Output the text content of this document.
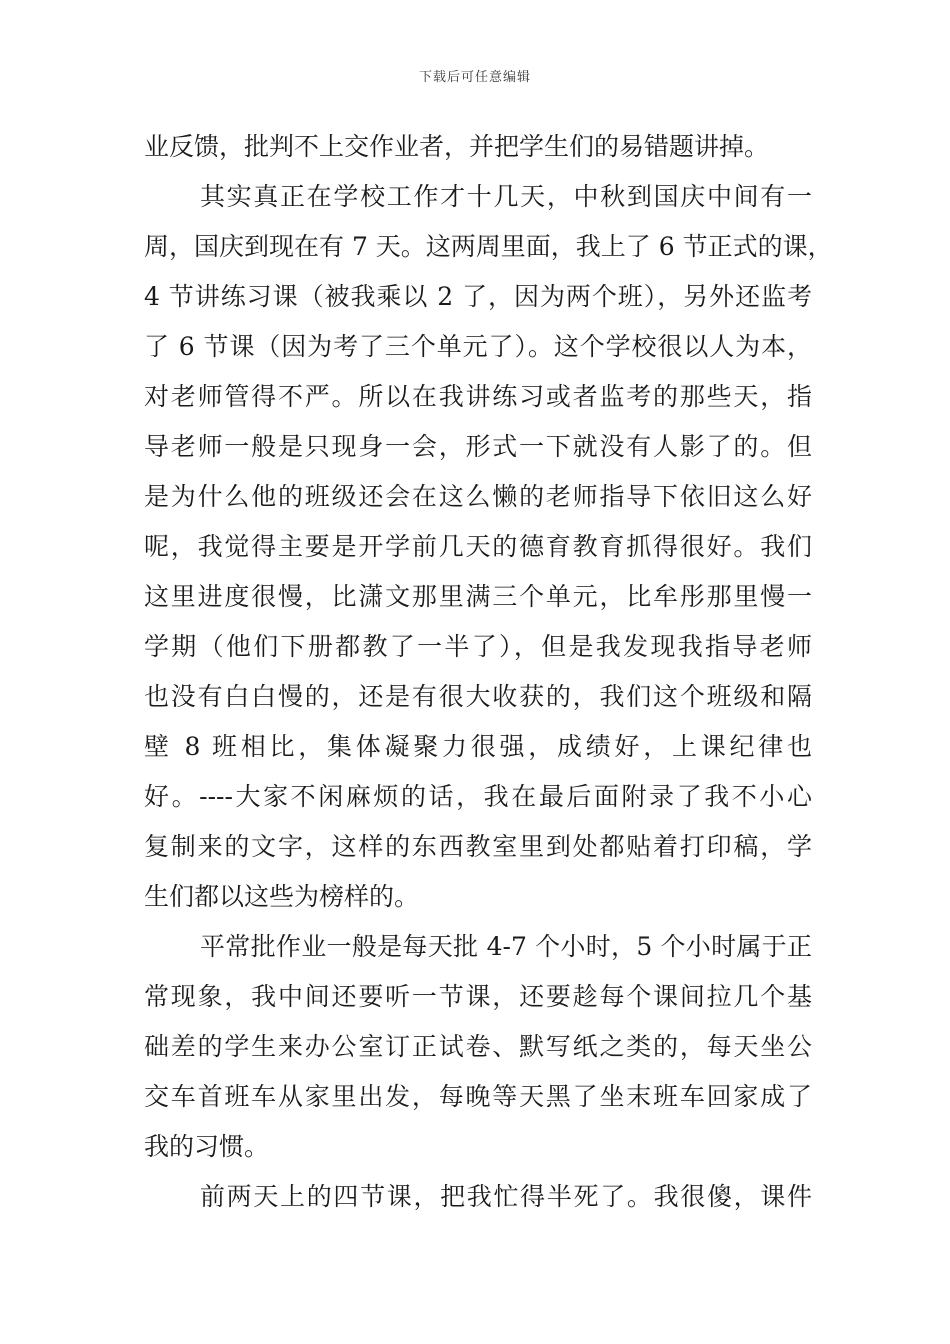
下载后可任意编辑
业反馈，批判不上交作业者，并把学生们的易错题讲掉。
其实真正在学校工作才十几天，中秋到国庆中间有一
周，国庆到现在有 7 天。这两周里面，我上了 6 节正式的课，
4 节讲练习课（被我乘以 2 了，因为两个班），另外还监考
了 6 节课（因为考了三个单元了）。这个学校很以人为本，
对老师管得不严。所以在我讲练习或者监考的那些天，指
导老师一般是只现身一会，形式一下就没有人影了的。但
是为什么他的班级还会在这么懒的老师指导下依旧这么好
呢，我觉得主要是开学前几天的德育教育抓得很好。我们
这里进度很慢，比潇文那里满三个单元，比牟彤那里慢一
学期（他们下册都教了一半了），但是我发现我指导老师
也没有白白慢的，还是有很大收获的，我们这个班级和隔
壁 8 班相比，集体凝聚力很强，成绩好，上课纪律也
好。----大家不闲麻烦的话，我在最后面附录了我不小心
复制来的文字，这样的东西教室里到处都贴着打印稿，学
生们都以这些为榜样的。
平常批作业一般是每天批 4-7 个小时，5 个小时属于正
常现象，我中间还要听一节课，还要趁每个课间拉几个基
础差的学生来办公室订正试卷、默写纸之类的，每天坐公
交车首班车从家里出发，每晚等天黑了坐末班车回家成了
我的习惯。
前两天上的四节课，把我忙得半死了。我很傻，课件
